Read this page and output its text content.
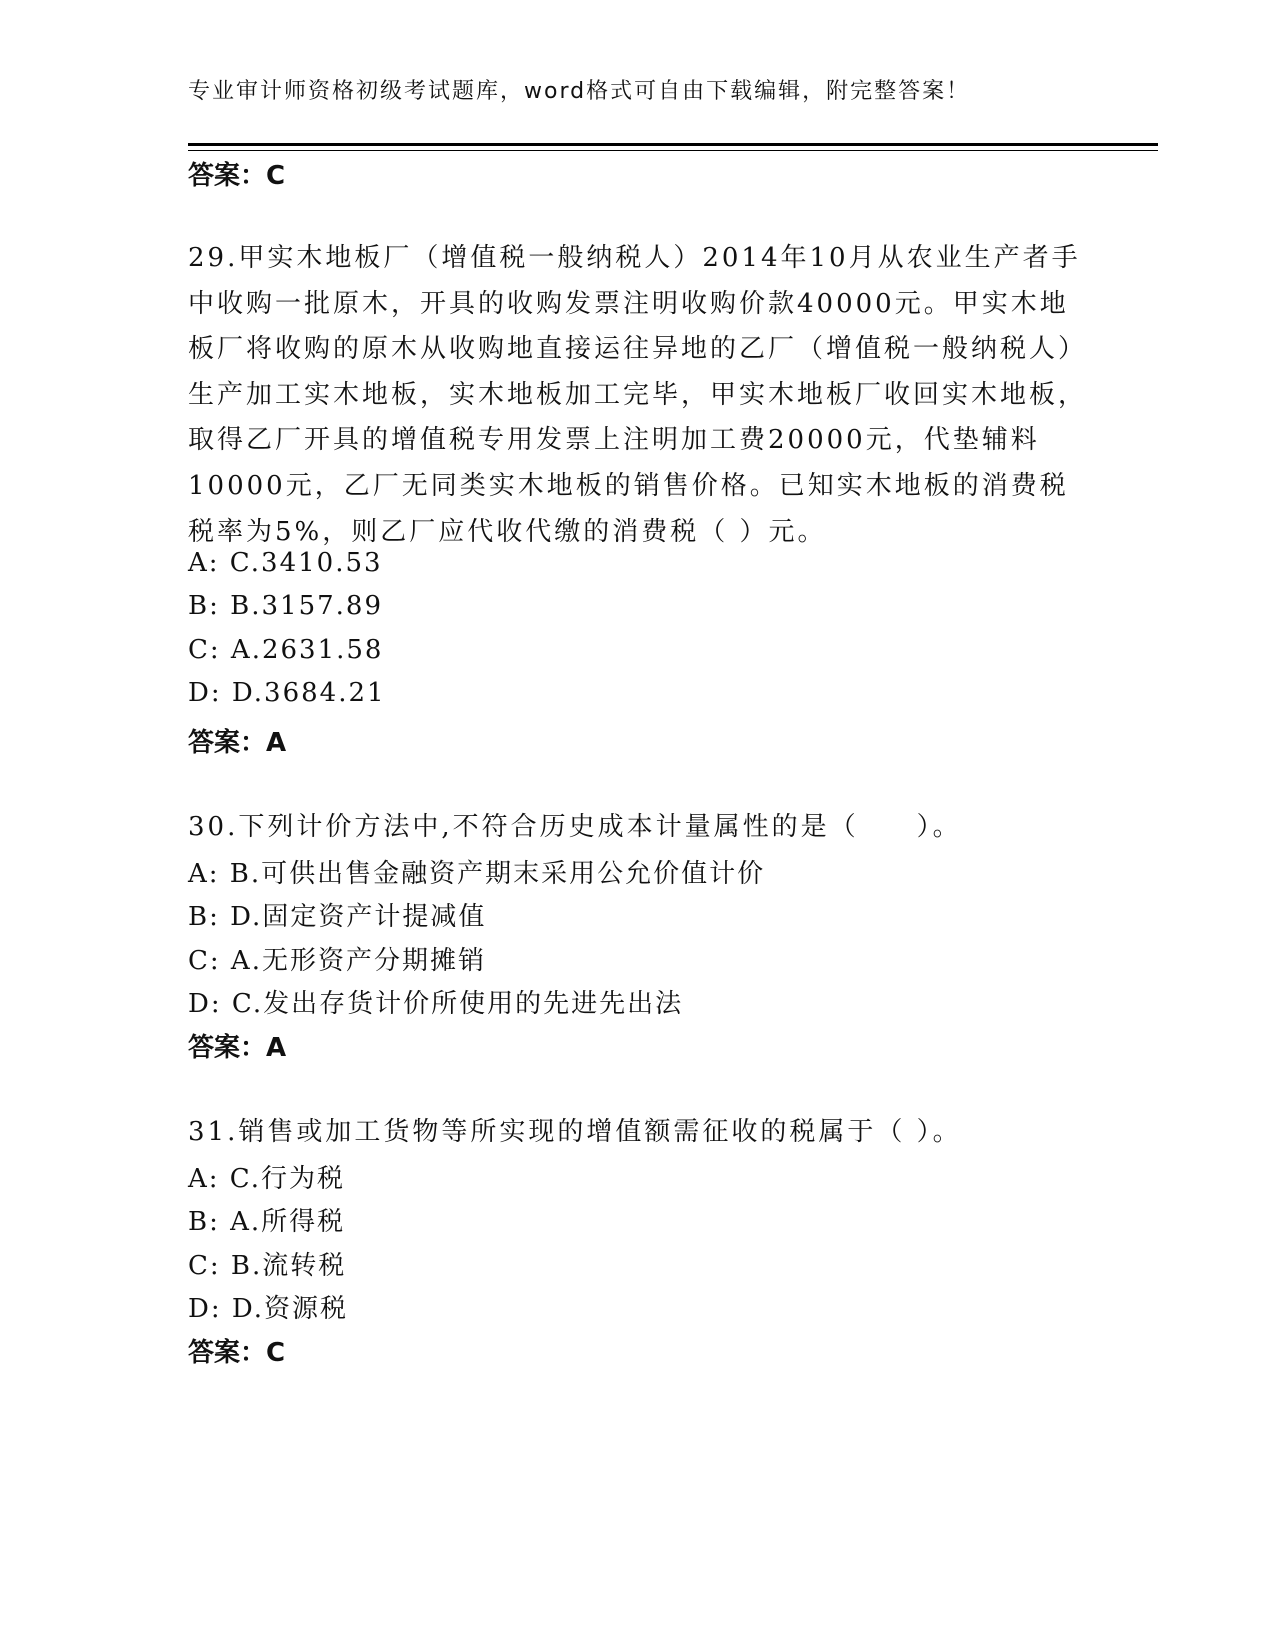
专业审计师资格初级考试题库，word格式可自由下载编辑，附完整答案！
答案：C
29.甲实木地板厂（增值税一般纳税人）2014年10月从农业生产者手中收购一批原木，开具的收购发票注明收购价款40000元。甲实木地板厂将收购的原木从收购地直接运往异地的乙厂（增值税一般纳税人）生产加工实木地板，实木地板加工完毕，甲实木地板厂收回实木地板，取得乙厂开具的增值税专用发票上注明加工费20000元，代垫辅料10000元，乙厂无同类实木地板的销售价格。已知实木地板的消费税税率为5%，则乙厂应代收代缴的消费税（ ）元。
A: C.3410.53
B: B.3157.89
C: A.2631.58
D: D.3684.21
答案：A
30.下列计价方法中,不符合历史成本计量属性的是（　　）。
A: B.可供出售金融资产期末采用公允价值计价
B: D.固定资产计提减值
C: A.无形资产分期摊销
D: C.发出存货计价所使用的先进先出法
答案：A
31.销售或加工货物等所实现的增值额需征收的税属于（ ）。
A: C.行为税
B: A.所得税
C: B.流转税
D: D.资源税
答案：C
